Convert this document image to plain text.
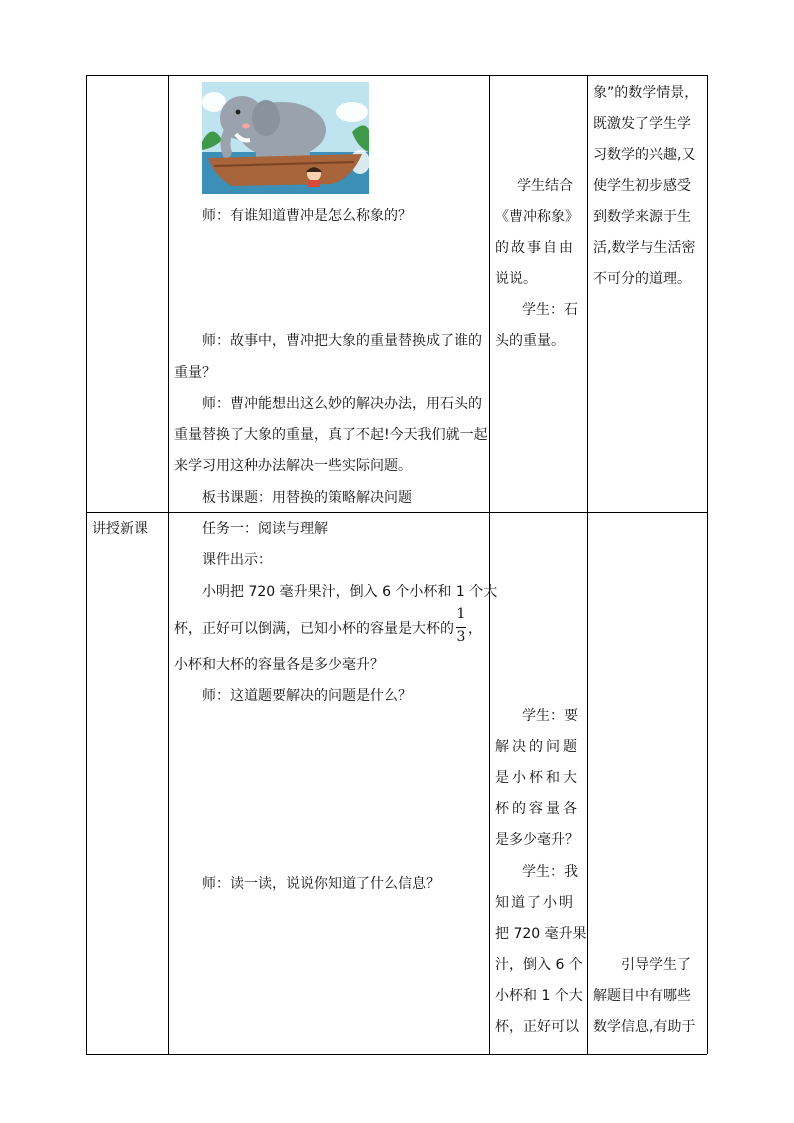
师：有谁知道曹冲是怎么称象的？
师：故事中，曹冲把大象的重量替换成了谁的
重量？
师：曹冲能想出这么妙的解决办法，用石头的
重量替换了大象的重量，真了不起!今天我们就一起
来学习用这种办法解决一些实际问题。
板书课题：用替换的策略解决问题
学生结合
《曹冲称象》
的故事自由
说说。
学生：石
头的重量。
象”的数学情景，
既激发了学生学
习数学的兴趣,又
使学生初步感受
到数学来源于生
活,数学与生活密
不可分的道理。
讲授新课	任务一：阅读与理解
课件出示：
小明把 720 毫升果汁，倒入 6 个小杯和 1 个大
杯，正好可以倒满，已知小杯的容量是大杯的
1
3 ，
小杯和大杯的容量各是多少毫升？
师：这道题要解决的问题是什么？
师：读一读，说说你知道了什么信息？
学生：要
解决的问题
是小杯和大
杯的容量各
是多少毫升？
学生：我
知道了小明
把 720 毫升果
汁，倒入 6 个
小杯和 1 个大
杯，正好可以
引导学生了
解题目中有哪些
数学信息,有助于
